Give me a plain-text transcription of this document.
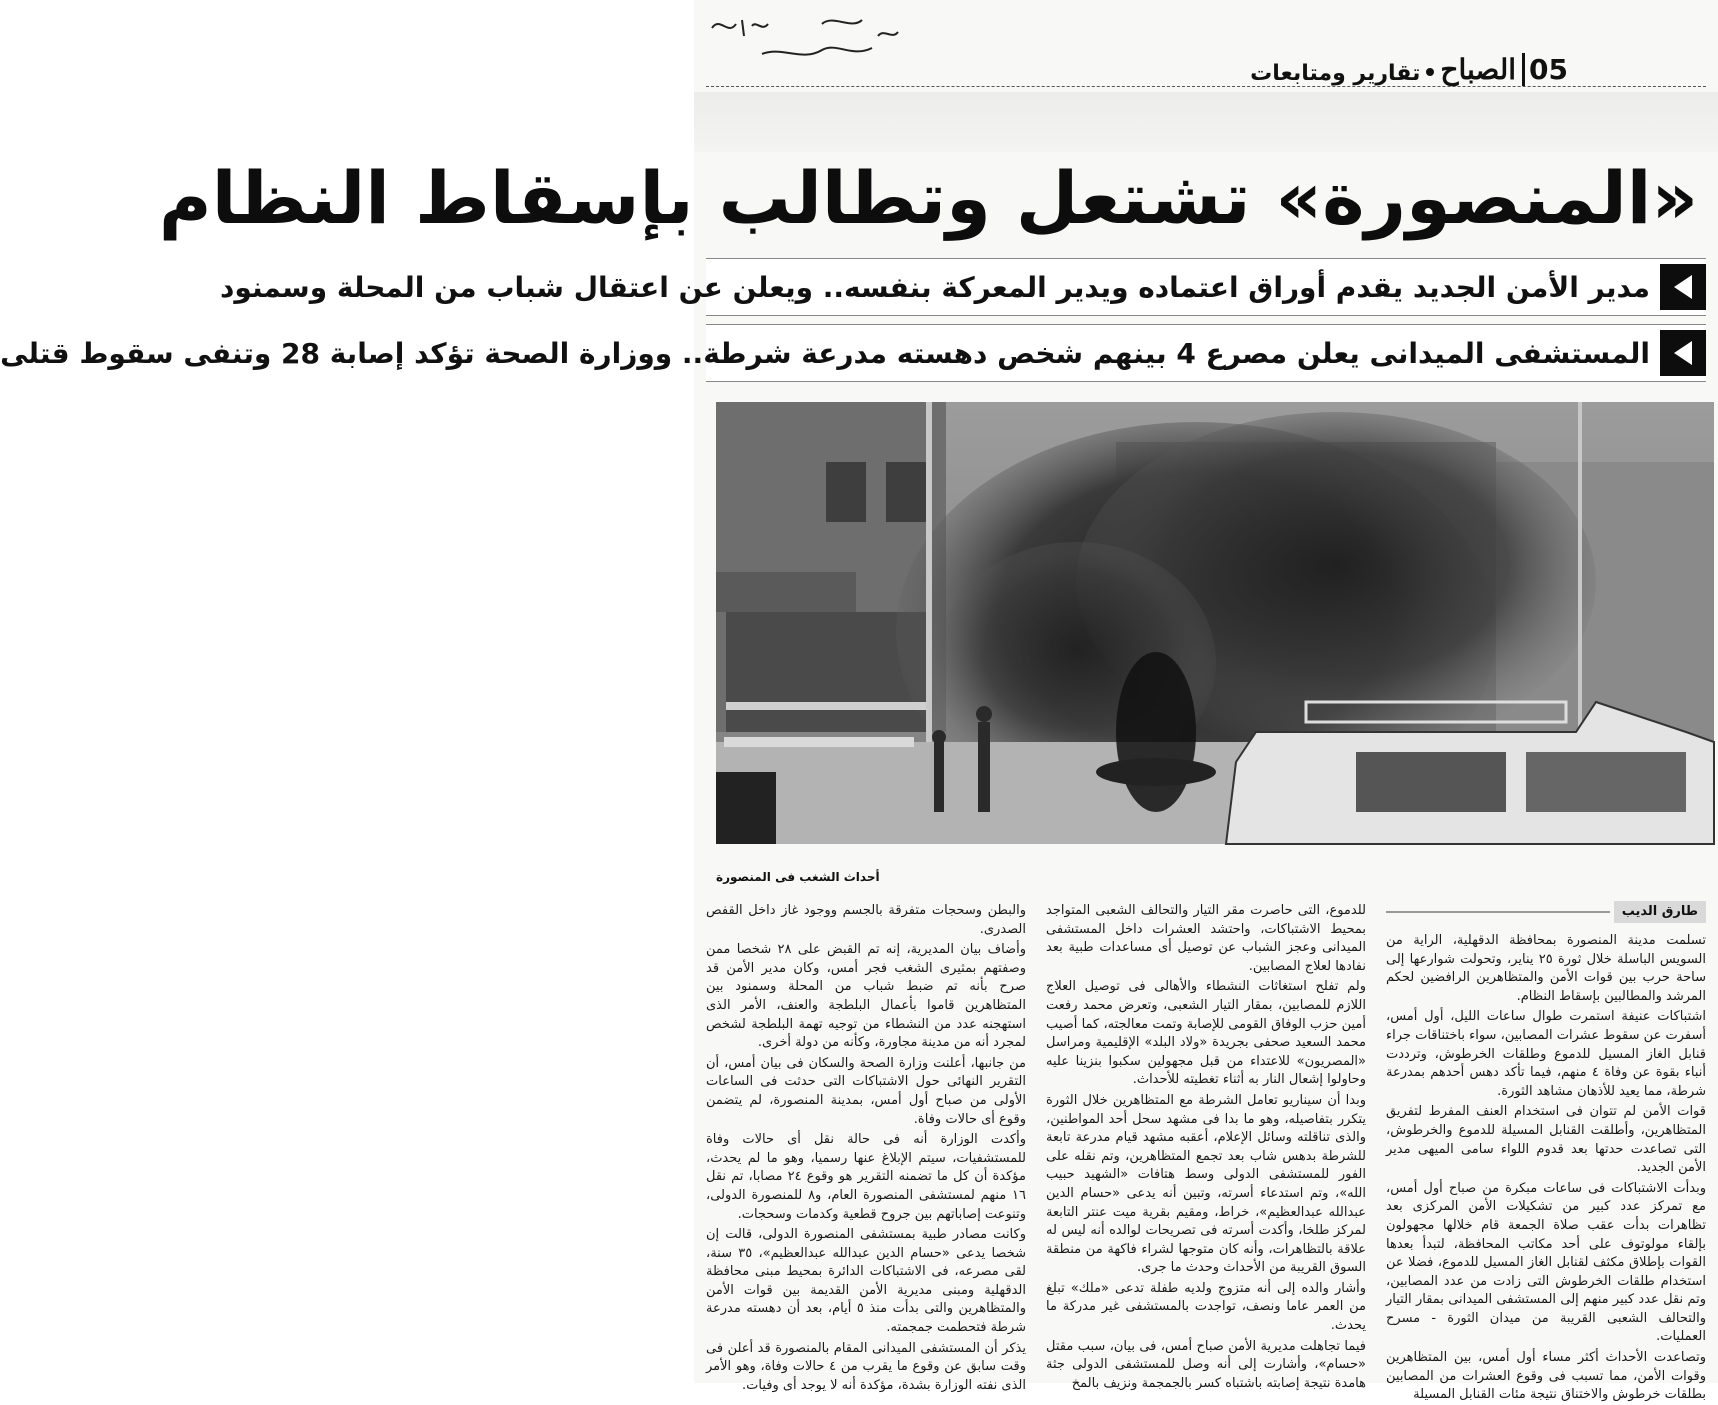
تقارير ومتابعات الصباح 05
«المنصورة» تشتعل وتطالب بإسقاط النظام
مدير الأمن الجديد يقدم أوراق اعتماده ويدير المعركة بنفسه.. ويعلن عن اعتقال شباب من المحلة وسمنود
المستشفى الميدانى يعلن مصرع 4 بينهم شخص دهسته مدرعة شرطة.. ووزارة الصحة تؤكد إصابة 28 وتنفى سقوط قتلى
أحداث الشغب فى المنصورة
طارق الديب

تسلمت مدينة المنصورة بمحافظة الدقهلية، الراية من السويس الباسلة خلال ثورة ٢٥ يناير، وتحولت شوارعها إلى ساحة حرب بين قوات الأمن والمتظاهرين الرافضين لحكم المرشد والمطالبين بإسقاط النظام.

اشتباكات عنيفة استمرت طوال ساعات الليل، أول أمس، أسفرت عن سقوط عشرات المصابين، سواء باختناقات جراء قنابل الغاز المسيل للدموع وطلقات الخرطوش، وترددت أنباء بقوة عن وفاة ٤ منهم، فيما تأكد دهس أحدهم بمدرعة شرطة، مما يعيد للأذهان مشاهد الثورة.

قوات الأمن لم تتوان فى استخدام العنف المفرط لتفريق المتظاهرين، وأطلقت القنابل المسيلة للدموع والخرطوش، التى تصاعدت حدتها بعد قدوم اللواء سامى الميهى مدير الأمن الجديد.

وبدأت الاشتباكات فى ساعات مبكرة من صباح أول أمس، مع تمركز عدد كبير من تشكيلات الأمن المركزى بعد تظاهرات بدأت عقب صلاة الجمعة قام خلالها مجهولون بإلقاء مولوتوف على أحد مكاتب المحافظة، لتبدأ بعدها القوات بإطلاق مكثف لقنابل الغاز المسيل للدموع، فضلا عن استخدام طلقات الخرطوش التى زادت من عدد المصابين، وتم نقل عدد كبير منهم إلى المستشفى الميدانى بمقار التيار والتحالف الشعبى القريبة من ميدان الثورة - مسرح العمليات.

وتصاعدت الأحداث أكثر مساء أول أمس، بين المتظاهرين وقوات الأمن، مما تسبب فى وقوع العشرات من المصابين بطلقات خرطوش والاختناق نتيجة مئات القنابل المسيلة

للدموع، التى حاصرت مقر التيار والتحالف الشعبى المتواجد بمحيط الاشتباكات، واحتشد العشرات داخل المستشفى الميدانى وعجز الشباب عن توصيل أى مساعدات طبية بعد نفادها لعلاج المصابين.

ولم تفلح استغاثات النشطاء والأهالى فى توصيل العلاج اللازم للمصابين، بمقار التيار الشعبى، وتعرض محمد رفعت أمين حزب الوفاق القومى للإصابة وتمت معالجته، كما أصيب محمد السعيد صحفى بجريدة «ولاد البلد» الإقليمية ومراسل «المصريون» للاعتداء من قبل مجهولين سكبوا بنزينا عليه وحاولوا إشعال النار به أثناء تغطيته للأحداث.

وبدا أن سيناريو تعامل الشرطة مع المتظاهرين خلال الثورة يتكرر بتفاصيله، وهو ما بدا فى مشهد سحل أحد المواطنين، والذى تناقلته وسائل الإعلام، أعقبه مشهد قيام مدرعة تابعة للشرطة بدهس شاب بعد تجمع المتظاهرين، وتم نقله على الفور للمستشفى الدولى وسط هتافات «الشهيد حبيب الله»، وتم استدعاء أسرته، وتبين أنه يدعى «حسام الدين عبدالله عبدالعظيم»، خراط، ومقيم بقرية ميت عنتر التابعة لمركز طلخا، وأكدت أسرته فى تصريحات لوالده أنه ليس له علاقة بالتظاهرات، وأنه كان متوجها لشراء فاكهة من منطقة السوق القريبة من الأحداث وحدث ما جرى.

وأشار والده إلى أنه متزوج ولديه طفلة تدعى «ملك» تبلغ من العمر عاما ونصف، تواجدت بالمستشفى غير مدركة ما يحدث.

فيما تجاهلت مديرية الأمن صباح أمس، فى بيان، سبب مقتل «حسام»، وأشارت إلى أنه وصل للمستشفى الدولى جثة هامدة نتيجة إصابته باشتباه كسر بالجمجمة ونزيف بالمخ

والبطن وسحجات متفرقة بالجسم ووجود غاز داخل القفص الصدرى.

وأضاف بيان المديرية، إنه تم القبض على ٢٨ شخصا ممن وصفتهم بمثيرى الشغب فجر أمس، وكان مدير الأمن قد صرح بأنه تم ضبط شباب من المحلة وسمنود بين المتظاهرين قاموا بأعمال البلطجة والعنف، الأمر الذى استهجنه عدد من النشطاء من توجيه تهمة البلطجة لشخص لمجرد أنه من مدينة مجاورة، وكأنه من دولة أخرى.

من جانبها، أعلنت وزارة الصحة والسكان فى بيان أمس، أن التقرير النهائى حول الاشتباكات التى حدثت فى الساعات الأولى من صباح أول أمس، بمدينة المنصورة، لم يتضمن وقوع أى حالات وفاة.

وأكدت الوزارة أنه فى حالة نقل أى حالات وفاة للمستشفيات، سيتم الإبلاغ عنها رسميا، وهو ما لم يحدث، مؤكدة أن كل ما تضمنه التقرير هو وقوع ٢٤ مصابا، تم نقل ١٦ منهم لمستشفى المنصورة العام، و٨ للمنصورة الدولى، وتنوعت إصاباتهم بين جروح قطعية وكدمات وسحجات.

وكانت مصادر طبية بمستشفى المنصورة الدولى، قالت إن شخصا يدعى «حسام الدين عبدالله عبدالعظيم»، ٣٥ سنة، لقى مصرعه، فى الاشتباكات الدائرة بمحيط مبنى محافظة الدقهلية ومبنى مديرية الأمن القديمة بين قوات الأمن والمتظاهرين والتى بدأت منذ ٥ أيام، بعد أن دهسته مدرعة شرطة فتحطمت جمجمته.

يذكر أن المستشفى الميدانى المقام بالمنصورة قد أعلن فى وقت سابق عن وقوع ما يقرب من ٤ حالات وفاة، وهو الأمر الذى نفته الوزارة بشدة، مؤكدة أنه لا يوجد أى وفيات.
